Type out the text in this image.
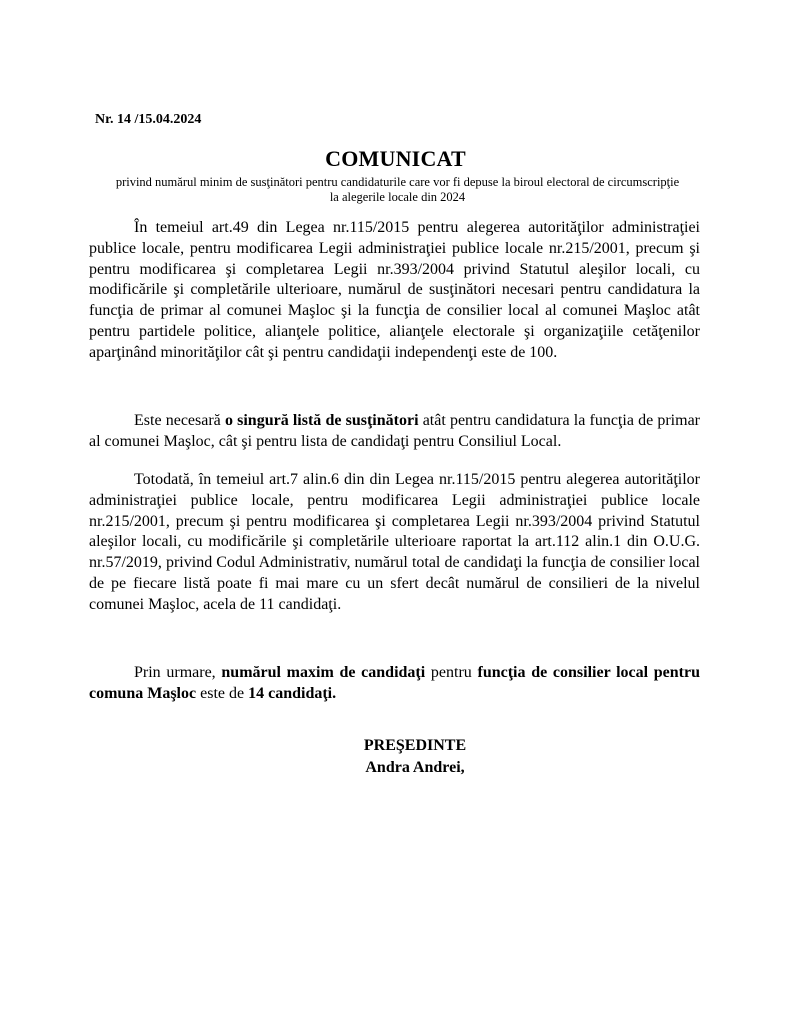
Nr. 14 /15.04.2024
COMUNICAT
privind numărul minim de susţinători pentru candidaturile care vor fi depuse la biroul electoral de circumscripţie la alegerile locale din 2024

În temeiul art.49 din Legea nr.115/2015 pentru alegerea autorităţilor administraţiei publice locale, pentru modificarea Legii administraţiei publice locale nr.215/2001, precum şi pentru modificarea şi completarea Legii nr.393/2004 privind Statutul aleşilor locali, cu modificările şi completările ulterioare, numărul de susţinători necesari pentru candidatura la funcţia de primar al comunei Maşloc şi la funcţia de consilier local al comunei Maşloc atât pentru partidele politice, alianţele politice, alianţele electorale şi organizaţiile cetăţenilor aparţinând minorităţilor cât şi pentru candidaţii independenţi este de 100.

Este necesară o singură listă de susţinători atât pentru candidatura la funcţia de primar al comunei Maşloc, cât şi pentru lista de candidaţi pentru Consiliul Local.

Totodată, în temeiul art.7 alin.6 din din Legea nr.115/2015 pentru alegerea autorităţilor administraţiei publice locale, pentru modificarea Legii administraţiei publice locale nr.215/2001, precum şi pentru modificarea şi completarea Legii nr.393/2004 privind Statutul aleşilor locali, cu modificările şi completările ulterioare raportat la art.112 alin.1 din O.U.G. nr.57/2019, privind Codul Administrativ, numărul total de candidaţi la funcţia de consilier local de pe fiecare listă poate fi mai mare cu un sfert decât numărul de consilieri de la nivelul comunei Maşloc, acela de 11 candidaţi.

Prin urmare, numărul maxim de candidaţi pentru funcţia de consilier local pentru comuna Maşloc este de 14 candidaţi.

PREŞEDINTE
Andra Andrei,
